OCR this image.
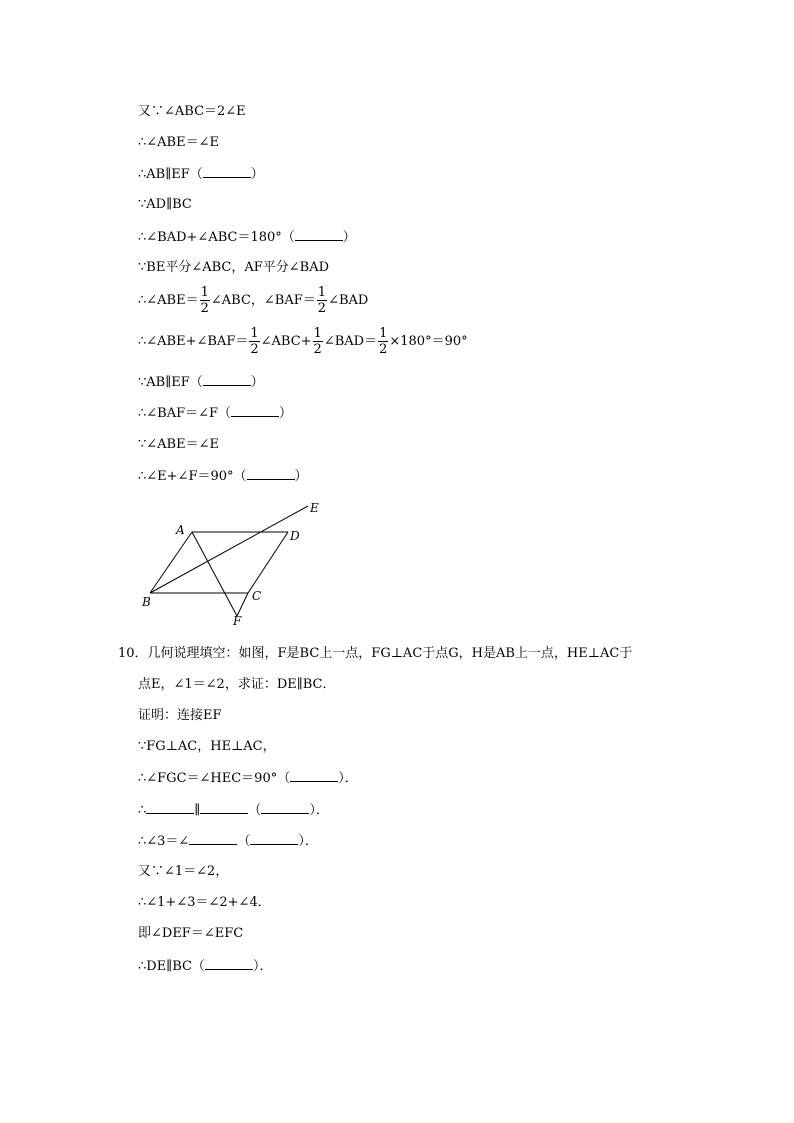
又∵∠ABC＝2∠E
∴∠ABE＝∠E
∴AB∥EF（	）
∵AD∥BC
∴∠BAD+∠ABC＝180°（	）
∵BE平分∠ABC，AF平分∠BAD
∴∠ABE＝ $\frac{1}{2}$ ∠ABC，∠BAF＝ $\frac{1}{2}$ ∠BAD
∴∠ABE+∠BAF＝ $\frac{1}{2}$ ∠ABC+ $\frac{1}{2}$ ∠BAD＝ $\frac{1}{2} \times 180^\circ=90^\circ$
∵AB∥EF（	）
∴∠BAF＝∠F（	）
∵∠ABE＝∠E
∴∠E+∠F＝90°（	）
A
B	C
D
E
F
10．几何说理填空：如图，F是BC上一点，FG⊥AC于点G，H是AB上一点，HE⊥AC于
点E，∠1＝∠2，求证：DE∥BC．
证明：连接EF
∵FG⊥AC，HE⊥AC，
∴∠FGC＝∠HEC＝90°（	）．
∴	∥	（	）．
∴∠3＝∠	（	）．
又∵∠1＝∠2，
∴∠1+∠3＝∠2+∠4．
即∠DEF＝∠EFC
∴DE∥BC（	）．
